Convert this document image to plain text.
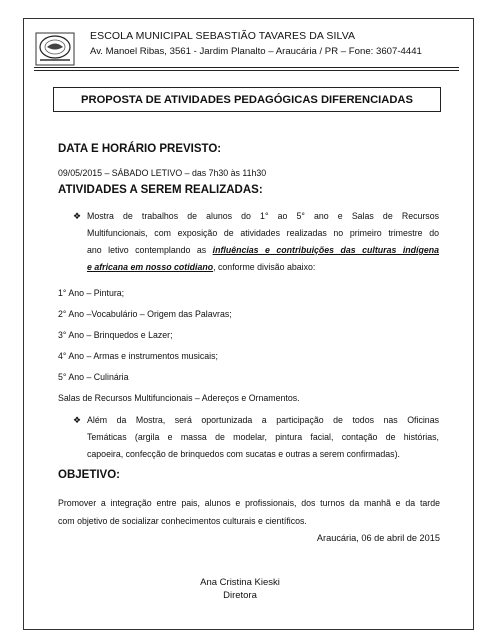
ESCOLA MUNICIPAL SEBASTIÃO TAVARES DA SILVA
Av. Manoel Ribas, 3561 - Jardim Planalto – Araucária / PR – Fone: 3607-4441
PROPOSTA DE ATIVIDADES PEDAGÓGICAS DIFERENCIADAS
DATA E HORÁRIO PREVISTO:
09/05/2015 – SÁBADO LETIVO – das 7h30 às 11h30
ATIVIDADES A SEREM REALIZADAS:
❖ Mostra de trabalhos de alunos do 1° ao 5° ano e Salas de Recursos
Multifuncionais, com exposição de atividades realizadas no primeiro trimestre do
ano letivo contemplando as influências e contribuições das culturas indígena
e africana em nosso cotidiano, conforme divisão abaixo:
1° Ano – Pintura;
2° Ano –Vocabulário – Origem das Palavras;
3° Ano – Brinquedos e Lazer;
4° Ano – Armas e instrumentos musicais;
5° Ano – Culinária
Salas de Recursos Multifuncionais – Adereços e Ornamentos.
❖ Além da Mostra, será oportunizada a participação de todos nas Oficinas
Temáticas (argila e massa de modelar, pintura facial, contação de histórias,
capoeira, confecção de brinquedos com sucatas e outras a serem confirmadas).
OBJETIVO:
Promover a integração entre pais, alunos e profissionais, dos turnos da manhã e da tarde
com objetivo de socializar conhecimentos culturais e científicos.
Araucária, 06 de abril de 2015
Ana Cristina Kieski
Diretora
